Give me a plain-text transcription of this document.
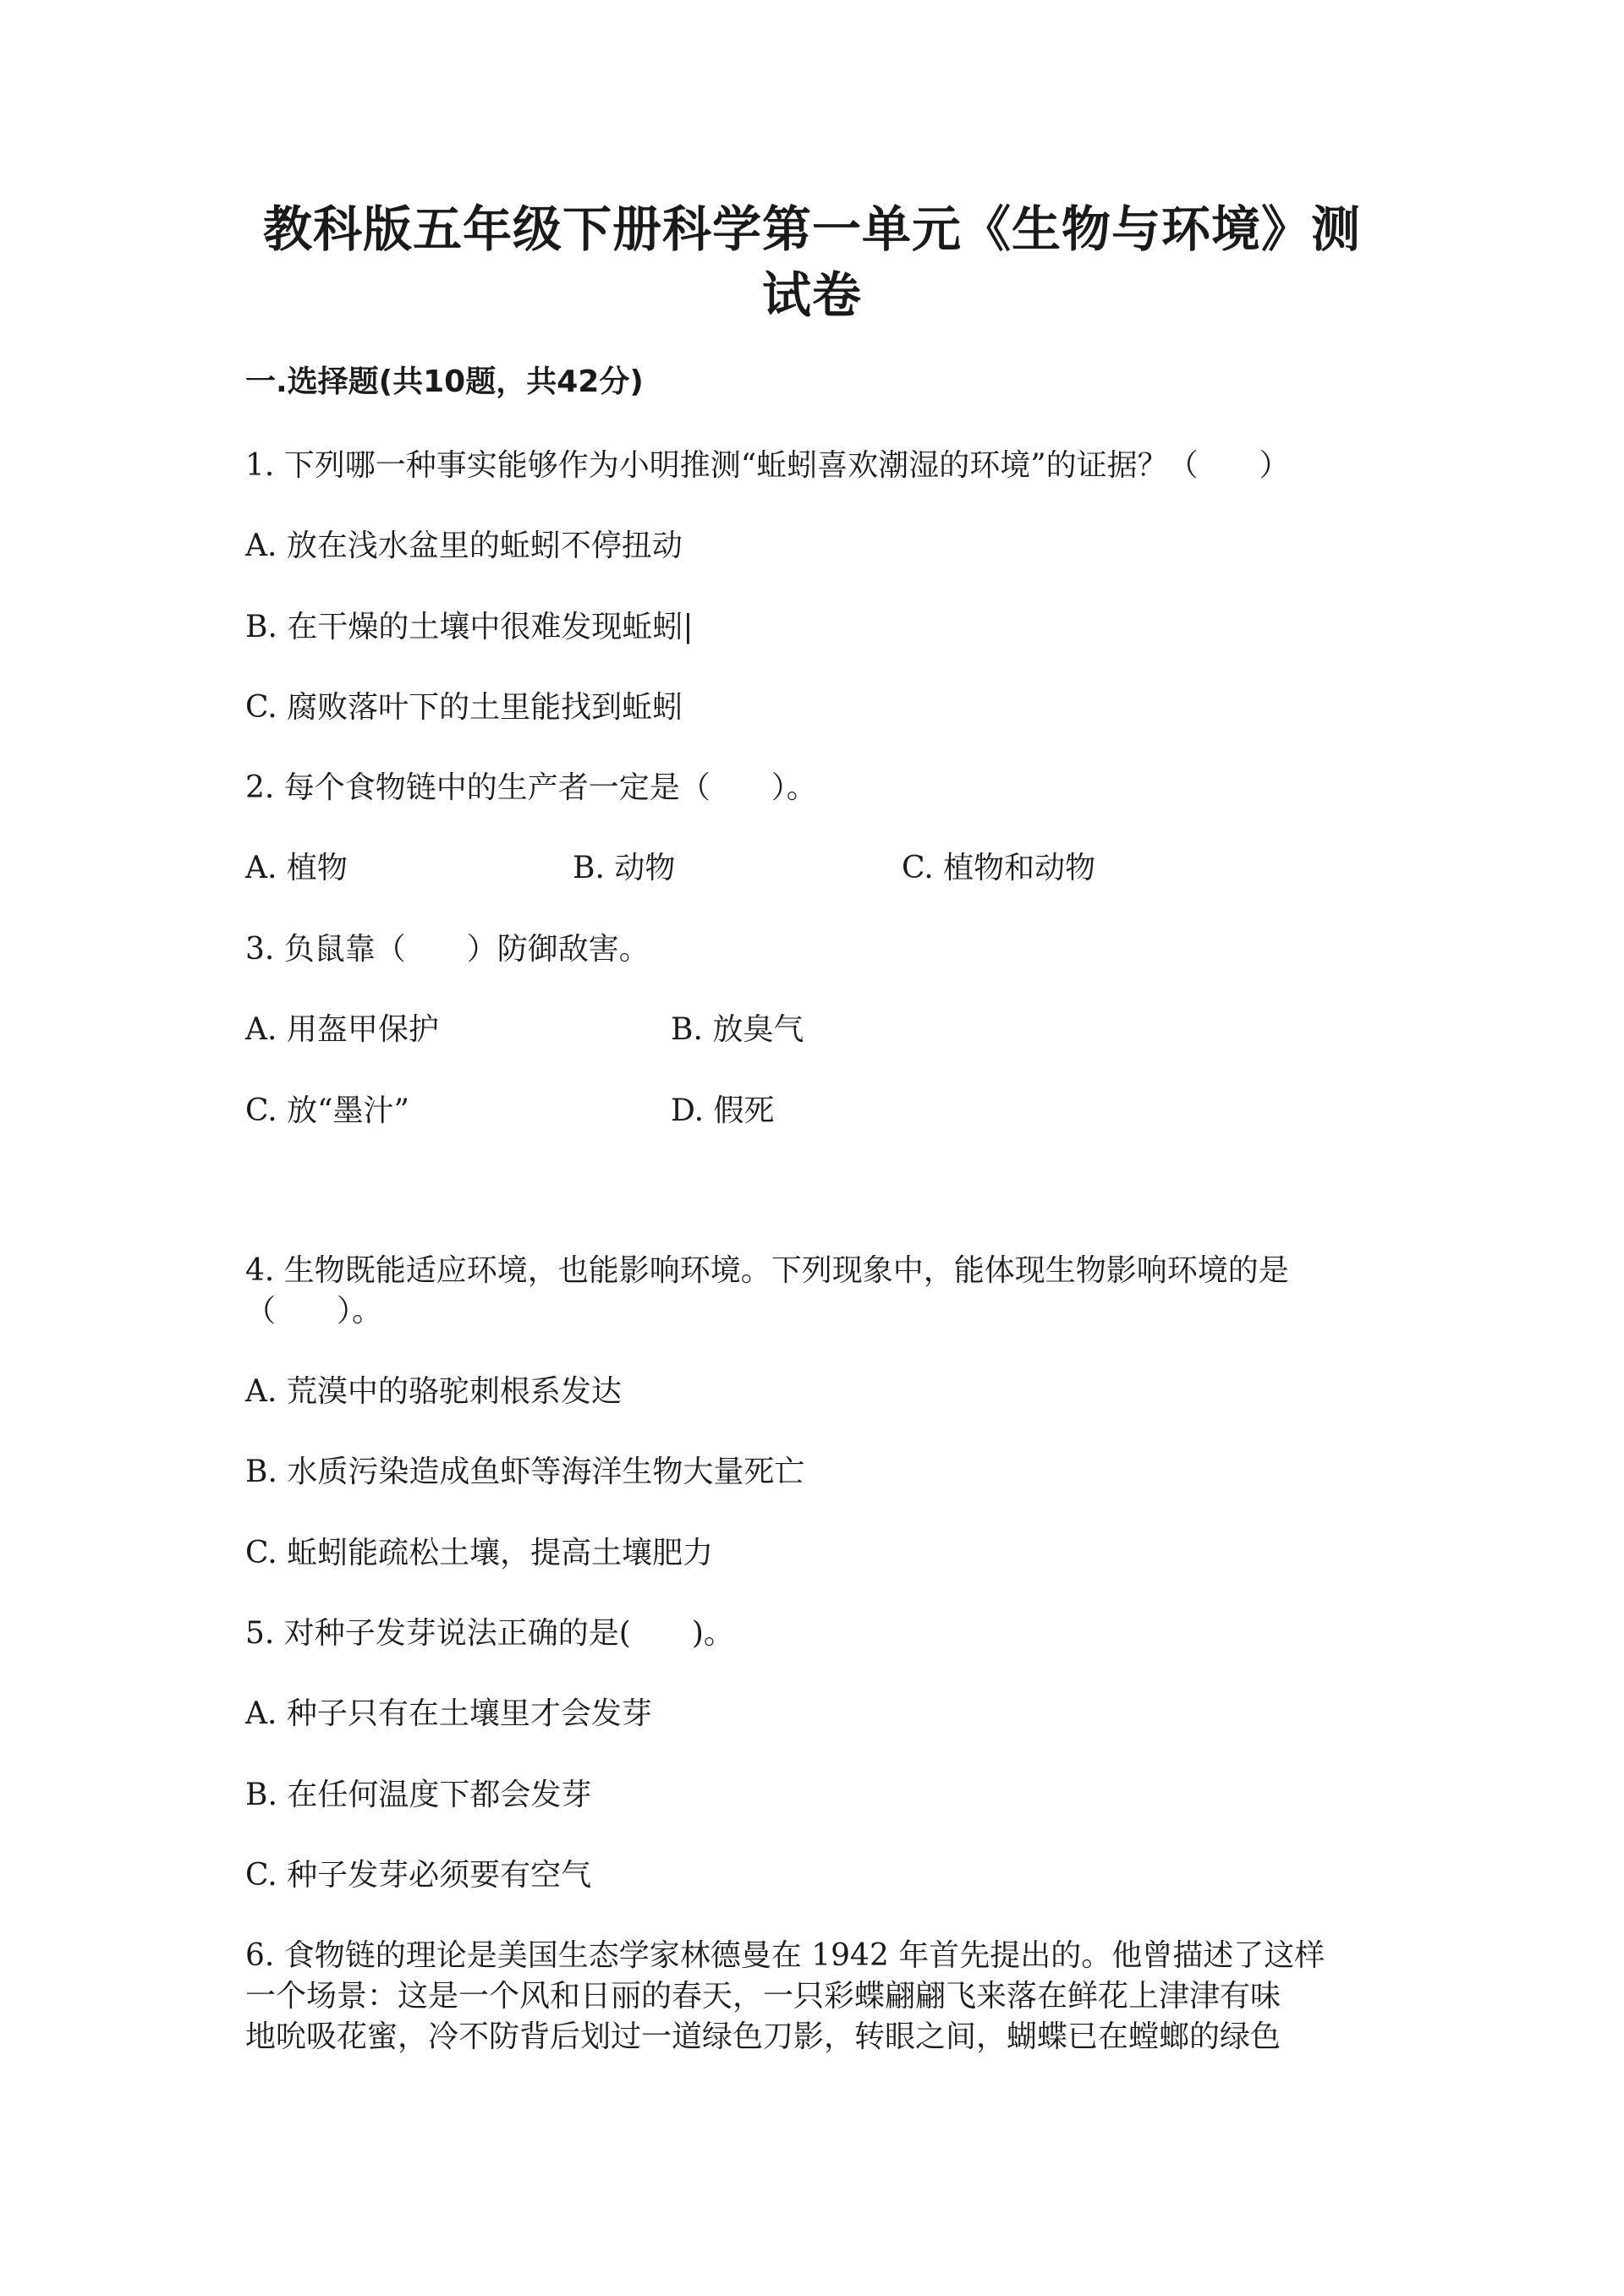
教科版五年级下册科学第一单元《生物与环境》测
试卷
一.选择题(共10题，共42分)
1. 下列哪一种事实能够作为小明推测“蚯蚓喜欢潮湿的环境”的证据？（　　）
A. 放在浅水盆里的蚯蚓不停扭动
B. 在干燥的土壤中很难发现蚯蚓|
C. 腐败落叶下的土里能找到蚯蚓
2. 每个食物链中的生产者一定是（　　）。
A. 植物	B. 动物	C. 植物和动物
3. 负鼠靠（　　）防御敌害。
A. 用盔甲保护	B. 放臭气
C. 放“墨汁”	D. 假死
4. 生物既能适应环境，也能影响环境。下列现象中，能体现生物影响环境的是
（　　）。
A. 荒漠中的骆驼刺根系发达
B. 水质污染造成鱼虾等海洋生物大量死亡
C. 蚯蚓能疏松土壤，提高土壤肥力
5. 对种子发芽说法正确的是(　　)。
A. 种子只有在土壤里才会发芽
B. 在任何温度下都会发芽
C. 种子发芽必须要有空气
6. 食物链的理论是美国生态学家林德曼在 1942 年首先提出的。他曾描述了这样
一个场景：这是一个风和日丽的春天，一只彩蝶翩翩飞来落在鲜花上津津有味
地吮吸花蜜，冷不防背后划过一道绿色刀影，转眼之间，蝴蝶已在螳螂的绿色
